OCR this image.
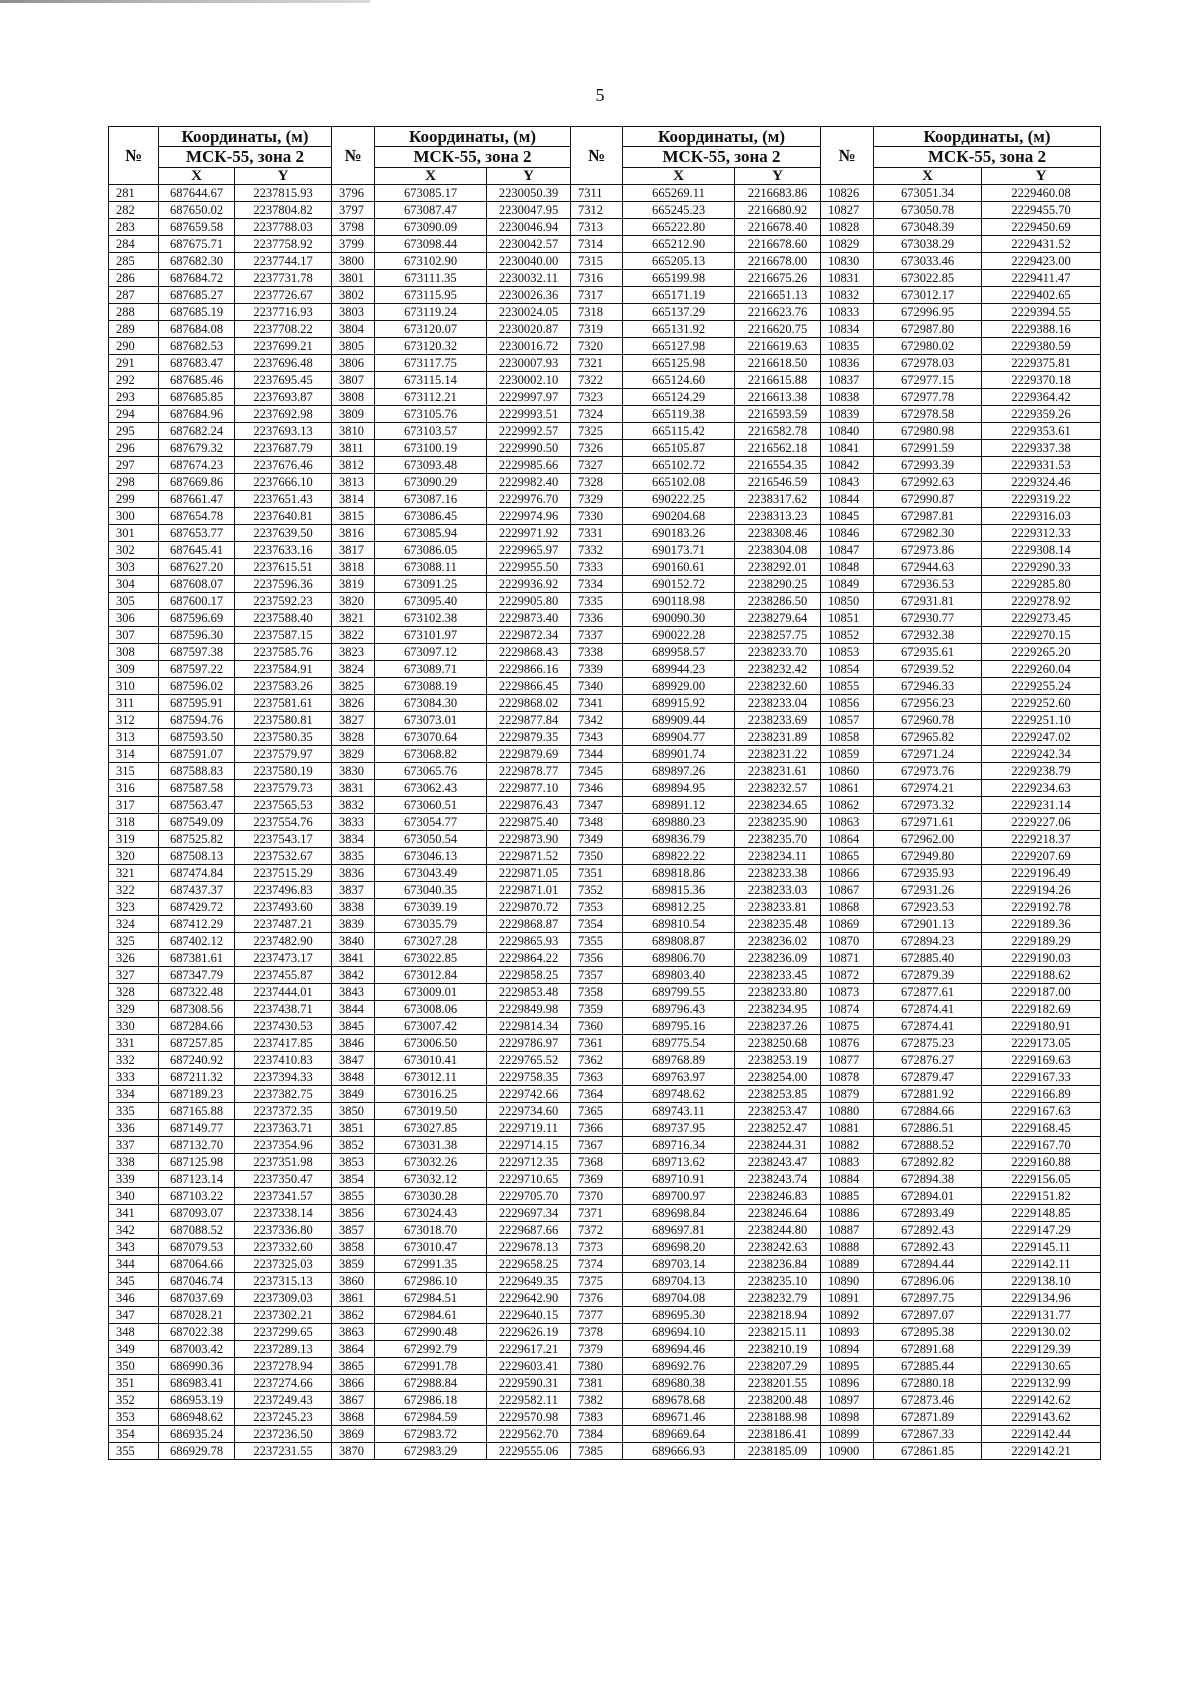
5
№	Координаты, (м)		№	Координаты, (м)		№	Координаты, (м)		№	Координаты, (м)	
	МСК-55, зона 2			МСК-55, зона 2			МСК-55, зона 2			МСК-55, зона 2	
	X	Y		X	Y		X	Y		X	Y
281	687644.67	2237815.93	3796	673085.17	2230050.39	7311	665269.11	2216683.86	10826	673051.34	2229460.08
282	687650.02	2237804.82	3797	673087.47	2230047.95	7312	665245.23	2216680.92	10827	673050.78	2229455.70
283	687659.58	2237788.03	3798	673090.09	2230046.94	7313	665222.80	2216678.40	10828	673048.39	2229450.69
284	687675.71	2237758.92	3799	673098.44	2230042.57	7314	665212.90	2216678.60	10829	673038.29	2229431.52
285	687682.30	2237744.17	3800	673102.90	2230040.00	7315	665205.13	2216678.00	10830	673033.46	2229423.00
286	687684.72	2237731.78	3801	673111.35	2230032.11	7316	665199.98	2216675.26	10831	673022.85	2229411.47
287	687685.27	2237726.67	3802	673115.95	2230026.36	7317	665171.19	2216651.13	10832	673012.17	2229402.65
288	687685.19	2237716.93	3803	673119.24	2230024.05	7318	665137.29	2216623.76	10833	672996.95	2229394.55
289	687684.08	2237708.22	3804	673120.07	2230020.87	7319	665131.92	2216620.75	10834	672987.80	2229388.16
290	687682.53	2237699.21	3805	673120.32	2230016.72	7320	665127.98	2216619.63	10835	672980.02	2229380.59
291	687683.47	2237696.48	3806	673117.75	2230007.93	7321	665125.98	2216618.50	10836	672978.03	2229375.81
292	687685.46	2237695.45	3807	673115.14	2230002.10	7322	665124.60	2216615.88	10837	672977.15	2229370.18
293	687685.85	2237693.87	3808	673112.21	2229997.97	7323	665124.29	2216613.38	10838	672977.78	2229364.42
294	687684.96	2237692.98	3809	673105.76	2229993.51	7324	665119.38	2216593.59	10839	672978.58	2229359.26
295	687682.24	2237693.13	3810	673103.57	2229992.57	7325	665115.42	2216582.78	10840	672980.98	2229353.61
296	687679.32	2237687.79	3811	673100.19	2229990.50	7326	665105.87	2216562.18	10841	672991.59	2229337.38
297	687674.23	2237676.46	3812	673093.48	2229985.66	7327	665102.72	2216554.35	10842	672993.39	2229331.53
298	687669.86	2237666.10	3813	673090.29	2229982.40	7328	665102.08	2216546.59	10843	672992.63	2229324.46
299	687661.47	2237651.43	3814	673087.16	2229976.70	7329	690222.25	2238317.62	10844	672990.87	2229319.22
300	687654.78	2237640.81	3815	673086.45	2229974.96	7330	690204.68	2238313.23	10845	672987.81	2229316.03
301	687653.77	2237639.50	3816	673085.94	2229971.92	7331	690183.26	2238308.46	10846	672982.30	2229312.33
302	687645.41	2237633.16	3817	673086.05	2229965.97	7332	690173.71	2238304.08	10847	672973.86	2229308.14
303	687627.20	2237615.51	3818	673088.11	2229955.50	7333	690160.61	2238292.01	10848	672944.63	2229290.33
304	687608.07	2237596.36	3819	673091.25	2229936.92	7334	690152.72	2238290.25	10849	672936.53	2229285.80
305	687600.17	2237592.23	3820	673095.40	2229905.80	7335	690118.98	2238286.50	10850	672931.81	2229278.92
306	687596.69	2237588.40	3821	673102.38	2229873.40	7336	690090.30	2238279.64	10851	672930.77	2229273.45
307	687596.30	2237587.15	3822	673101.97	2229872.34	7337	690022.28	2238257.75	10852	672932.38	2229270.15
308	687597.38	2237585.76	3823	673097.12	2229868.43	7338	689958.57	2238233.70	10853	672935.61	2229265.20
309	687597.22	2237584.91	3824	673089.71	2229866.16	7339	689944.23	2238232.42	10854	672939.52	2229260.04
310	687596.02	2237583.26	3825	673088.19	2229866.45	7340	689929.00	2238232.60	10855	672946.33	2229255.24
311	687595.91	2237581.61	3826	673084.30	2229868.02	7341	689915.92	2238233.04	10856	672956.23	2229252.60
312	687594.76	2237580.81	3827	673073.01	2229877.84	7342	689909.44	2238233.69	10857	672960.78	2229251.10
313	687593.50	2237580.35	3828	673070.64	2229879.35	7343	689904.77	2238231.89	10858	672965.82	2229247.02
314	687591.07	2237579.97	3829	673068.82	2229879.69	7344	689901.74	2238231.22	10859	672971.24	2229242.34
315	687588.83	2237580.19	3830	673065.76	2229878.77	7345	689897.26	2238231.61	10860	672973.76	2229238.79
316	687587.58	2237579.73	3831	673062.43	2229877.10	7346	689894.95	2238232.57	10861	672974.21	2229234.63
317	687563.47	2237565.53	3832	673060.51	2229876.43	7347	689891.12	2238234.65	10862	672973.32	2229231.14
318	687549.09	2237554.76	3833	673054.77	2229875.40	7348	689880.23	2238235.90	10863	672971.61	2229227.06
319	687525.82	2237543.17	3834	673050.54	2229873.90	7349	689836.79	2238235.70	10864	672962.00	2229218.37
320	687508.13	2237532.67	3835	673046.13	2229871.52	7350	689822.22	2238234.11	10865	672949.80	2229207.69
321	687474.84	2237515.29	3836	673043.49	2229871.05	7351	689818.86	2238233.38	10866	672935.93	2229196.49
322	687437.37	2237496.83	3837	673040.35	2229871.01	7352	689815.36	2238233.03	10867	672931.26	2229194.26
323	687429.72	2237493.60	3838	673039.19	2229870.72	7353	689812.25	2238233.81	10868	672923.53	2229192.78
324	687412.29	2237487.21	3839	673035.79	2229868.87	7354	689810.54	2238235.48	10869	672901.13	2229189.36
325	687402.12	2237482.90	3840	673027.28	2229865.93	7355	689808.87	2238236.02	10870	672894.23	2229189.29
326	687381.61	2237473.17	3841	673022.85	2229864.22	7356	689806.70	2238236.09	10871	672885.40	2229190.03
327	687347.79	2237455.87	3842	673012.84	2229858.25	7357	689803.40	2238233.45	10872	672879.39	2229188.62
328	687322.48	2237444.01	3843	673009.01	2229853.48	7358	689799.55	2238233.80	10873	672877.61	2229187.00
329	687308.56	2237438.71	3844	673008.06	2229849.98	7359	689796.43	2238234.95	10874	672874.41	2229182.69
330	687284.66	2237430.53	3845	673007.42	2229814.34	7360	689795.16	2238237.26	10875	672874.41	2229180.91
331	687257.85	2237417.85	3846	673006.50	2229786.97	7361	689775.54	2238250.68	10876	672875.23	2229173.05
332	687240.92	2237410.83	3847	673010.41	2229765.52	7362	689768.89	2238253.19	10877	672876.27	2229169.63
333	687211.32	2237394.33	3848	673012.11	2229758.35	7363	689763.97	2238254.00	10878	672879.47	2229167.33
334	687189.23	2237382.75	3849	673016.25	2229742.66	7364	689748.62	2238253.85	10879	672881.92	2229166.89
335	687165.88	2237372.35	3850	673019.50	2229734.60	7365	689743.11	2238253.47	10880	672884.66	2229167.63
336	687149.77	2237363.71	3851	673027.85	2229719.11	7366	689737.95	2238252.47	10881	672886.51	2229168.45
337	687132.70	2237354.96	3852	673031.38	2229714.15	7367	689716.34	2238244.31	10882	672888.52	2229167.70
338	687125.98	2237351.98	3853	673032.26	2229712.35	7368	689713.62	2238243.47	10883	672892.82	2229160.88
339	687123.14	2237350.47	3854	673032.12	2229710.65	7369	689710.91	2238243.74	10884	672894.38	2229156.05
340	687103.22	2237341.57	3855	673030.28	2229705.70	7370	689700.97	2238246.83	10885	672894.01	2229151.82
341	687093.07	2237338.14	3856	673024.43	2229697.34	7371	689698.84	2238246.64	10886	672893.49	2229148.85
342	687088.52	2237336.80	3857	673018.70	2229687.66	7372	689697.81	2238244.80	10887	672892.43	2229147.29
343	687079.53	2237332.60	3858	673010.47	2229678.13	7373	689698.20	2238242.63	10888	672892.43	2229145.11
344	687064.66	2237325.03	3859	672991.35	2229658.25	7374	689703.14	2238236.84	10889	672894.44	2229142.11
345	687046.74	2237315.13	3860	672986.10	2229649.35	7375	689704.13	2238235.10	10890	672896.06	2229138.10
346	687037.69	2237309.03	3861	672984.51	2229642.90	7376	689704.08	2238232.79	10891	672897.75	2229134.96
347	687028.21	2237302.21	3862	672984.61	2229640.15	7377	689695.30	2238218.94	10892	672897.07	2229131.77
348	687022.38	2237299.65	3863	672990.48	2229626.19	7378	689694.10	2238215.11	10893	672895.38	2229130.02
349	687003.42	2237289.13	3864	672992.79	2229617.21	7379	689694.46	2238210.19	10894	672891.68	2229129.39
350	686990.36	2237278.94	3865	672991.78	2229603.41	7380	689692.76	2238207.29	10895	672885.44	2229130.65
351	686983.41	2237274.66	3866	672988.84	2229590.31	7381	689680.38	2238201.55	10896	672880.18	2229132.99
352	686953.19	2237249.43	3867	672986.18	2229582.11	7382	689678.68	2238200.48	10897	672873.46	2229142.62
353	686948.62	2237245.23	3868	672984.59	2229570.98	7383	689671.46	2238188.98	10898	672871.89	2229143.62
354	686935.24	2237236.50	3869	672983.72	2229562.70	7384	689669.64	2238186.41	10899	672867.33	2229142.44
355	686929.78	2237231.55	3870	672983.29	2229555.06	7385	689666.93	2238185.09	10900	672861.85	2229142.21
